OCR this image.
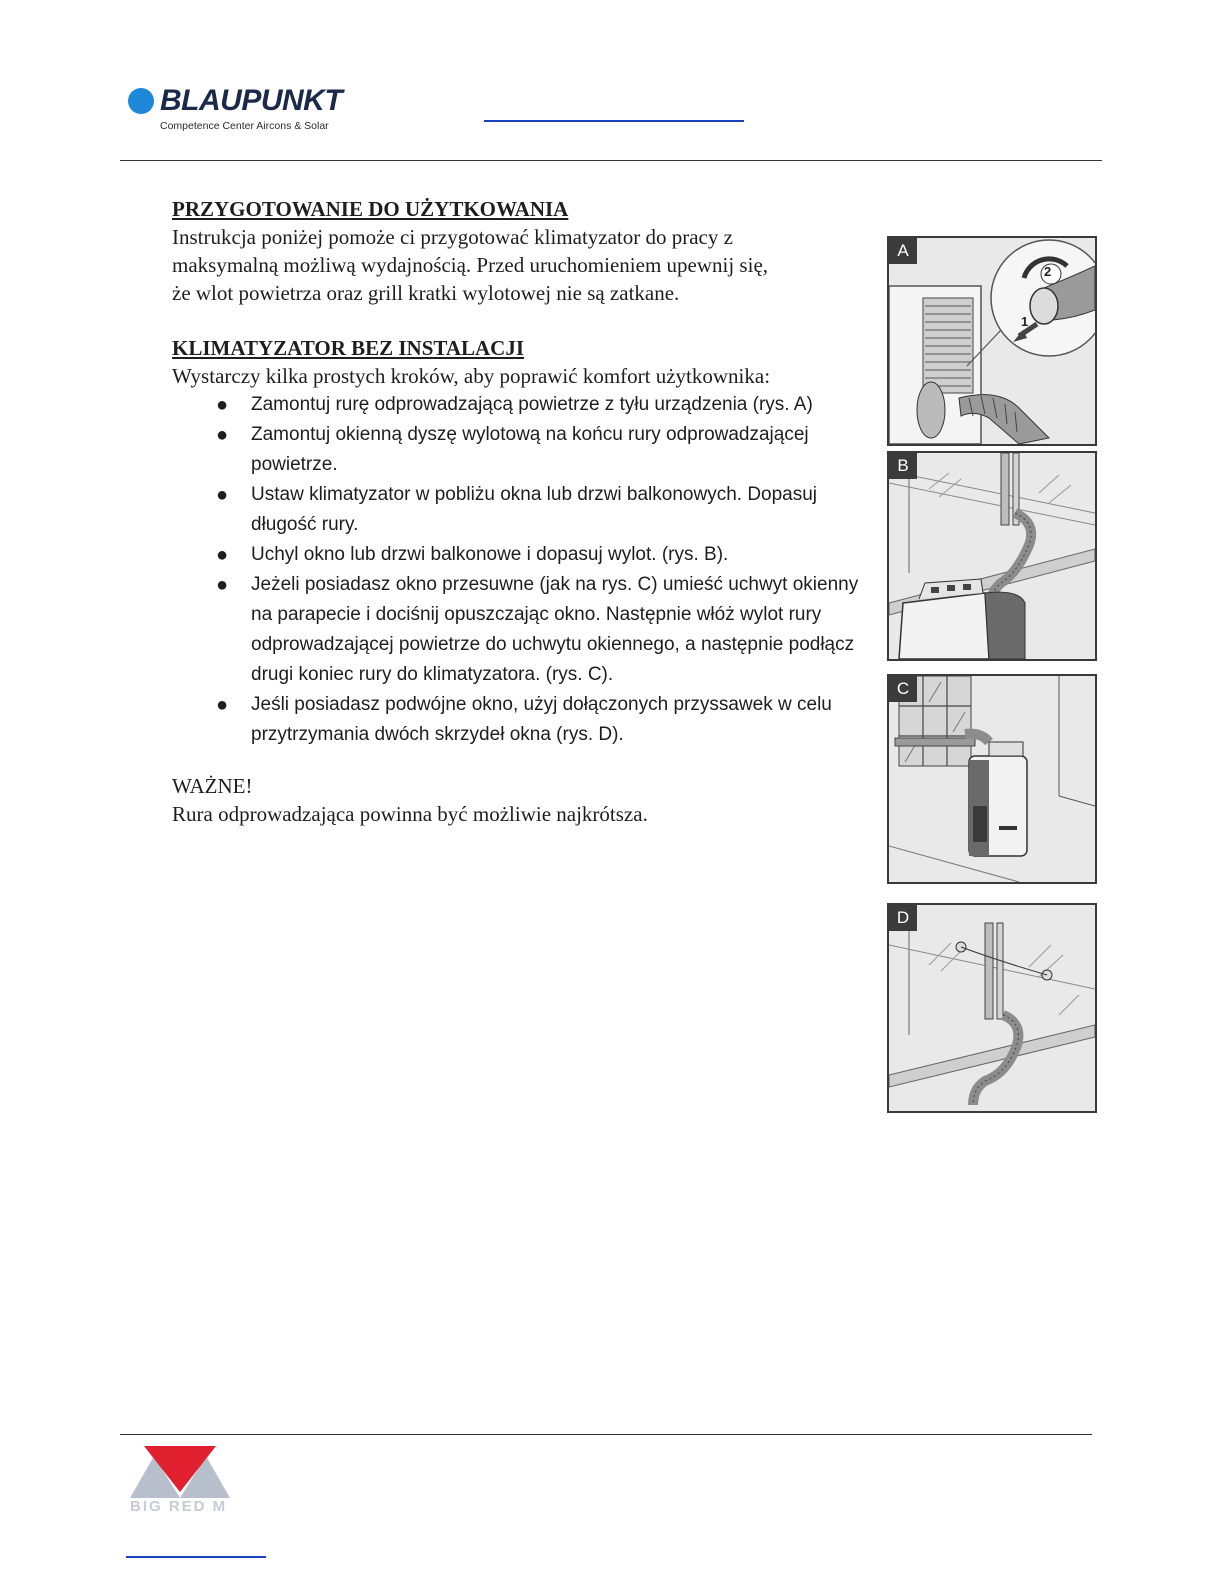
BLAUPUNKT
Competence Center Aircons & Solar
PRZYGOTOWANIE DO UŻYTKOWANIA

Instrukcja poniżej pomoże ci przygotować klimatyzator do pracy z

maksymalną możliwą wydajnością. Przed uruchomieniem upewnij się,

że wlot powietrza oraz grill kratki wylotowej nie są zatkane.

KLIMATYZATOR BEZ INSTALACJI

Wystarczy kilka prostych kroków, aby poprawić komfort użytkownika:

● Zamontuj rurę odprowadzającą powietrze z tyłu urządzenia (rys. A)
● Zamontuj okienną dyszę wylotową na końcu rury odprowadzającej powietrze.
● Ustaw klimatyzator w pobliżu okna lub drzwi balkonowych. Dopasuj długość rury.
● Uchyl okno lub drzwi balkonowe i dopasuj wylot. (rys. B).
● Jeżeli posiadasz okno przesuwne (jak na rys. C) umieść uchwyt okienny na parapecie i dociśnij opuszczając okno. Następnie włóż wylot rury odprowadzającej powietrze do uchwytu okiennego, a następnie podłącz drugi koniec rury do klimatyzatora. (rys. C).
● Jeśli posiadasz podwójne okno, użyj dołączonych przyssawek w celu przytrzymania dwóch skrzydeł okna (rys. D).

WAŻNE!

Rura odprowadzająca powinna być możliwie najkrótsza.

A
2
1
B
C
D
BIG RED M
